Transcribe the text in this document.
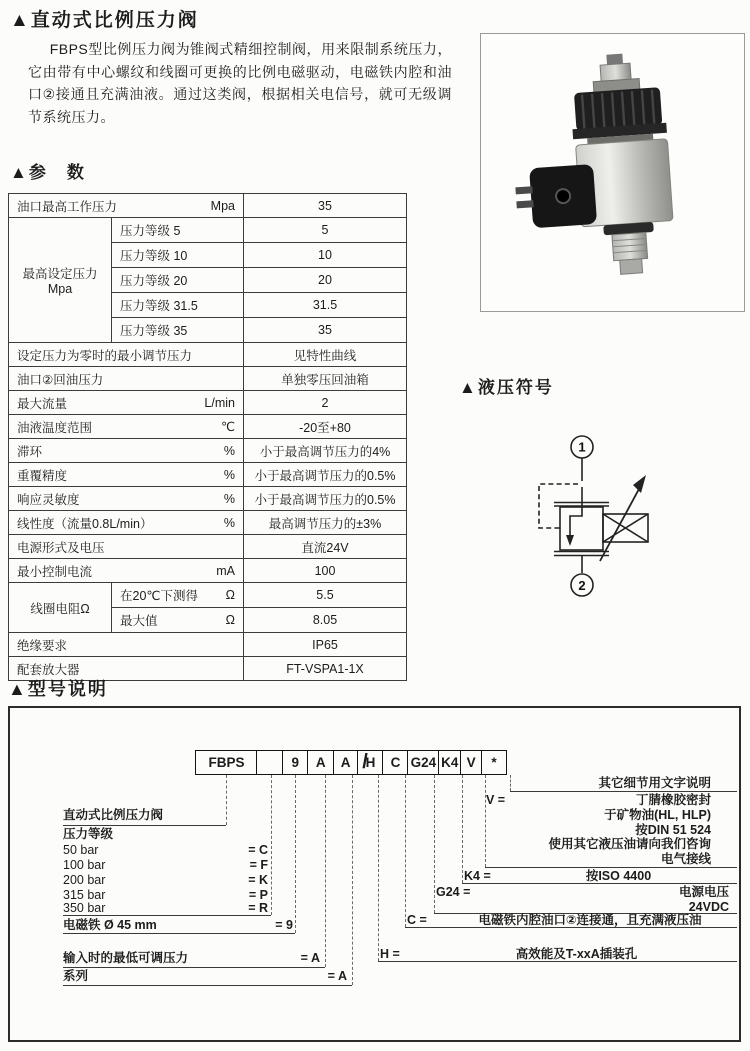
▲直动式比例压力阀
FBPS型比例压力阀为锥阀式精细控制阀，用来限制系统压力，它由带有中心螺纹和线圈可更换的比例电磁驱动，电磁铁内腔和油口②接通且充满油液。通过这类阀，根据相关电信号，就可无级调节系统压力。
▲参　数
油口最高工作压力 Mpa		35

最高设定压力
Mpa	压力等级 5	5
	压力等级 10	10
	压力等级 20	20
	压力等级 31.5	31.5
	压力等级 35	35
设定压力为零时的最小调节压力		见特性曲线
油口②回油压力		单独零压回油箱

最大流量 L/min		2

油液温度范围 ℃		-20至+80

滞环 %		小于最高调节压力的4%

重覆精度 %		小于最高调节压力的0.5%

响应灵敏度 %		小于最高调节压力的0.5%

线性度（流量0.8L/min） %		最高调节压力的±3%
电源形式及电压		直流24V

最小控制电流 mA		100
线圈电阻Ω	在20℃下测得 Ω	5.5

	最大值 Ω	8.05
绝缘要求		IP65
配套放大器		FT-VSPA1-1X
▲液压符号
1
2
▲型号说明
FBPS	9	A	A	H	C G24 K4 V	*
/
直动式比例压力阀
压力等级
50 bar	= C
100 bar	= F
200 bar	= K
315 bar	= P
350 bar	= R
电磁铁 Ø 45 mm	= 9
输入时的最低可调压力	= A
系列	= A
其它细节用文字说明
V =	丁腈橡胶密封
于矿物油(HL, HLP)
按DIN 51 524
使用其它液压油请向我们咨询
电气接线
K4 =	按ISO 4400
G24 =	电源电压
24VDC
C =	电磁铁内腔油口②连接通，且充满液压油
H =	高效能及T-xxA插装孔
